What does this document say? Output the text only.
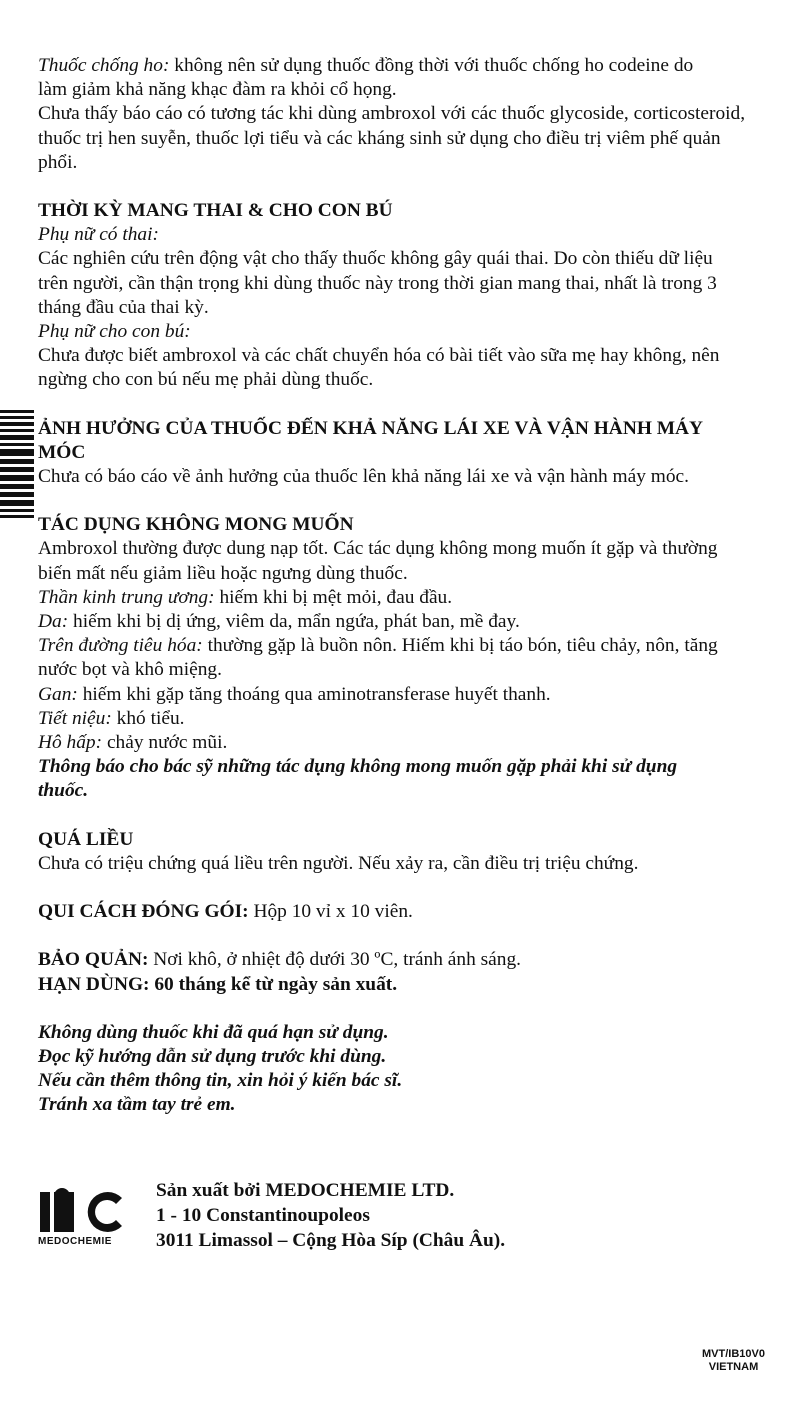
Thuốc chống ho: không nên sử dụng thuốc đồng thời với thuốc chống ho codeine do
làm giảm khả năng khạc đàm ra khỏi cổ họng.
Chưa thấy báo cáo có tương tác khi dùng ambroxol với các thuốc glycoside, corticosteroid,
thuốc trị hen suyễn, thuốc lợi tiểu và các kháng sinh sử dụng cho điều trị viêm phế quản
phổi.
THỜI KỲ MANG THAI & CHO CON BÚ
Phụ nữ có thai:
Các nghiên cứu trên động vật cho thấy thuốc không gây quái thai. Do còn thiếu dữ liệu
trên người, cần thận trọng khi dùng thuốc này trong thời gian mang thai, nhất là trong 3
tháng đầu của thai kỳ.
Phụ nữ cho con bú:
Chưa được biết ambroxol và các chất chuyển hóa có bài tiết vào sữa mẹ hay không, nên
ngừng cho con bú nếu mẹ phải dùng thuốc.
ẢNH HƯỞNG CỦA THUỐC ĐẾN KHẢ NĂNG LÁI XE VÀ VẬN HÀNH MÁY
MÓC
Chưa có báo cáo về ảnh hưởng của thuốc lên khả năng lái xe và vận hành máy móc.
TÁC DỤNG KHÔNG MONG MUỐN
Ambroxol thường được dung nạp tốt. Các tác dụng không mong muốn ít gặp và thường
biến mất nếu giảm liều hoặc ngưng dùng thuốc.
Thần kinh trung ương: hiếm khi bị mệt mỏi, đau đầu.
Da: hiếm khi bị dị ứng, viêm da, mẩn ngứa, phát ban, mề đay.
Trên đường tiêu hóa: thường gặp là buồn nôn. Hiếm khi bị táo bón, tiêu chảy, nôn, tăng
nước bọt và khô miệng.
Gan: hiếm khi gặp tăng thoáng qua aminotransferase huyết thanh.
Tiết niệu: khó tiểu.
Hô hấp: chảy nước mũi.
Thông báo cho bác sỹ những tác dụng không mong muốn gặp phải khi sử dụng
thuốc.
QUÁ LIỀU
Chưa có triệu chứng quá liều trên người. Nếu xảy ra, cần điều trị triệu chứng.
QUI CÁCH ĐÓNG GÓI: Hộp 10 vỉ x 10 viên.
BẢO QUẢN: Nơi khô, ở nhiệt độ dưới 30 ºC, tránh ánh sáng.
HẠN DÙNG: 60 tháng kể từ ngày sản xuất.
Không dùng thuốc khi đã quá hạn sử dụng.
Đọc kỹ hướng dẫn sử dụng trước khi dùng.
Nếu cần thêm thông tin, xin hỏi ý kiến bác sĩ.
Tránh xa tầm tay trẻ em.
MEDOCHEMIE
Sản xuất bởi MEDOCHEMIE LTD.
1 - 10 Constantinoupoleos
3011 Limassol – Cộng Hòa Síp (Châu Âu).
MVT/IB10V0
VIETNAM
